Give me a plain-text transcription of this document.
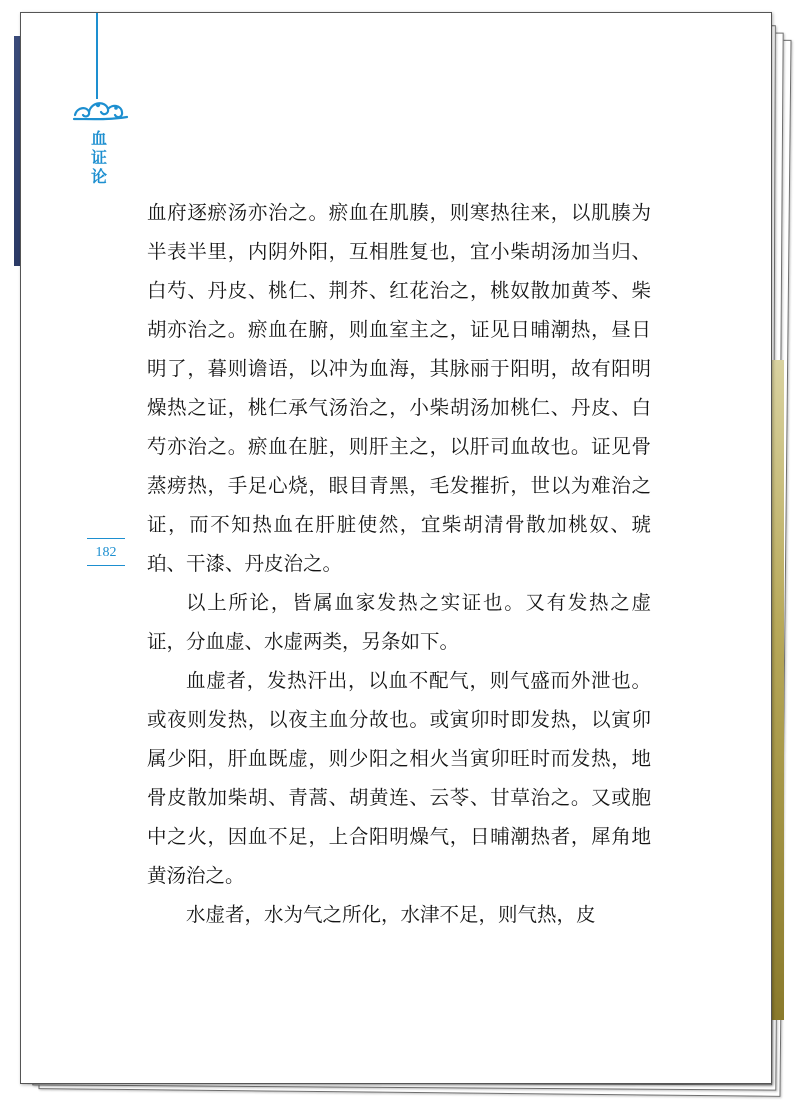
血
证
论
182

血府逐瘀汤亦治之。瘀血在肌腠，则寒热往来，以肌腠为半表半里，内阴外阳，互相胜复也，宜小柴胡汤加当归、白芍、丹皮、桃仁、荆芥、红花治之，桃奴散加黄芩、柴胡亦治之。瘀血在腑，则血室主之，证见日晡潮热，昼日明了，暮则谵语，以冲为血海，其脉丽于阳明，故有阳明燥热之证，桃仁承气汤治之，小柴胡汤加桃仁、丹皮、白芍亦治之。瘀血在脏，则肝主之，以肝司血故也。证见骨蒸痨热，手足心烧，眼目青黑，毛发摧折，世以为难治之证，而不知热血在肝脏使然，宜柴胡清骨散加桃奴、琥珀、干漆、丹皮治之。

以上所论，皆属血家发热之实证也。又有发热之虚证，分血虚、水虚两类，另条如下。

血虚者，发热汗出，以血不配气，则气盛而外泄也。或夜则发热，以夜主血分故也。或寅卯时即发热，以寅卯属少阳，肝血既虚，则少阳之相火当寅卯旺时而发热，地骨皮散加柴胡、青蒿、胡黄连、云苓、甘草治之。又或胞中之火，因血不足，上合阳明燥气，日晡潮热者，犀角地黄汤治之。

水虚者，水为气之所化，水津不足，则气热，皮
